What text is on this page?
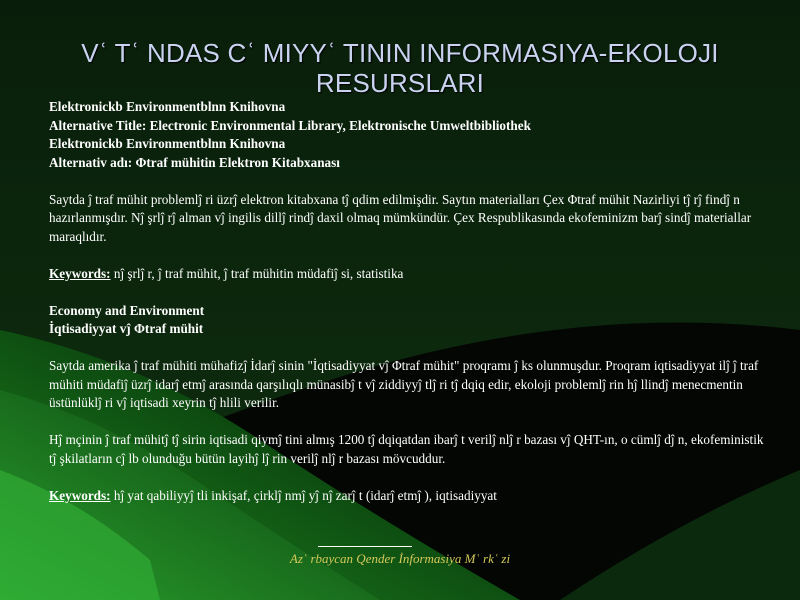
Vʿ Tʿ NDAS Cʿ MIYYʿ TININ INFORMASIYA-EKOLOJI RESURSLARI

Elektronickb Environmentblnn Knihovna

Alternative Title: Electronic Environmental Library, Elektronische Umweltbibliothek

Elektronickb Environmentblnn Knihovna

Alternativ adı: Φtraf mühitin Elektron Kitabxanası

Saytda ĵ traf mühit problemlĵ ri üzrĵ elektron kitabxana tĵ qdim edilmişdir. Saytın materialları Çex Φtraf mühit Nazirliyi tĵ rĵ findĵ n hazırlanmışdır. Nĵ şrlĵ rĵ alman vĵ ingilis dillĵ rindĵ daxil olmaq mümkündür. Çex Respublikasında ekofeminizm barĵ sindĵ materiallar maraqlıdır.

Keywords: nĵ şrlĵ r, ĵ traf mühit, ĵ traf mühitin müdafiĵ si, statistika

Economy and Environment

İqtisadiyyat vĵ Φtraf mühit

Saytda amerika ĵ traf mühiti mühafizĵ İdarĵ sinin "İqtisadiyyat vĵ Φtraf mühit" proqramı ĵ ks olunmuşdur. Proqram iqtisadiyyat ilĵ ĵ traf mühiti müdafiĵ üzrĵ idarĵ etmĵ arasında qarşılıqlı münasibĵ t vĵ ziddiyyĵ tlĵ ri tĵ dqiq edir, ekoloji problemlĵ rin hĵ llindĵ menecmentin üstünlüklĵ ri vĵ iqtisadi xeyrin tĵ hlili verilir.

Hĵ mçinin ĵ traf mühitĵ tĵ sirin iqtisadi qiymĵ tini almış 1200 tĵ dqiqatdan ibarĵ t verilĵ nlĵ r bazası vĵ QHT-ın, o cümlĵ dĵ n, ekofeministik tĵ şkilatların cĵ lb olunduğu bütün layihĵ lĵ rin verilĵ nlĵ r bazası mövcuddur.

Keywords: hĵ yat qabiliyyĵ tli inkişaf, çirklĵ nmĵ yĵ nĵ zarĵ t (idarĵ etmĵ ), iqtisadiyyat

Azʿ rbaycan Qender İnformasiya Mʿ rkʿ zi
